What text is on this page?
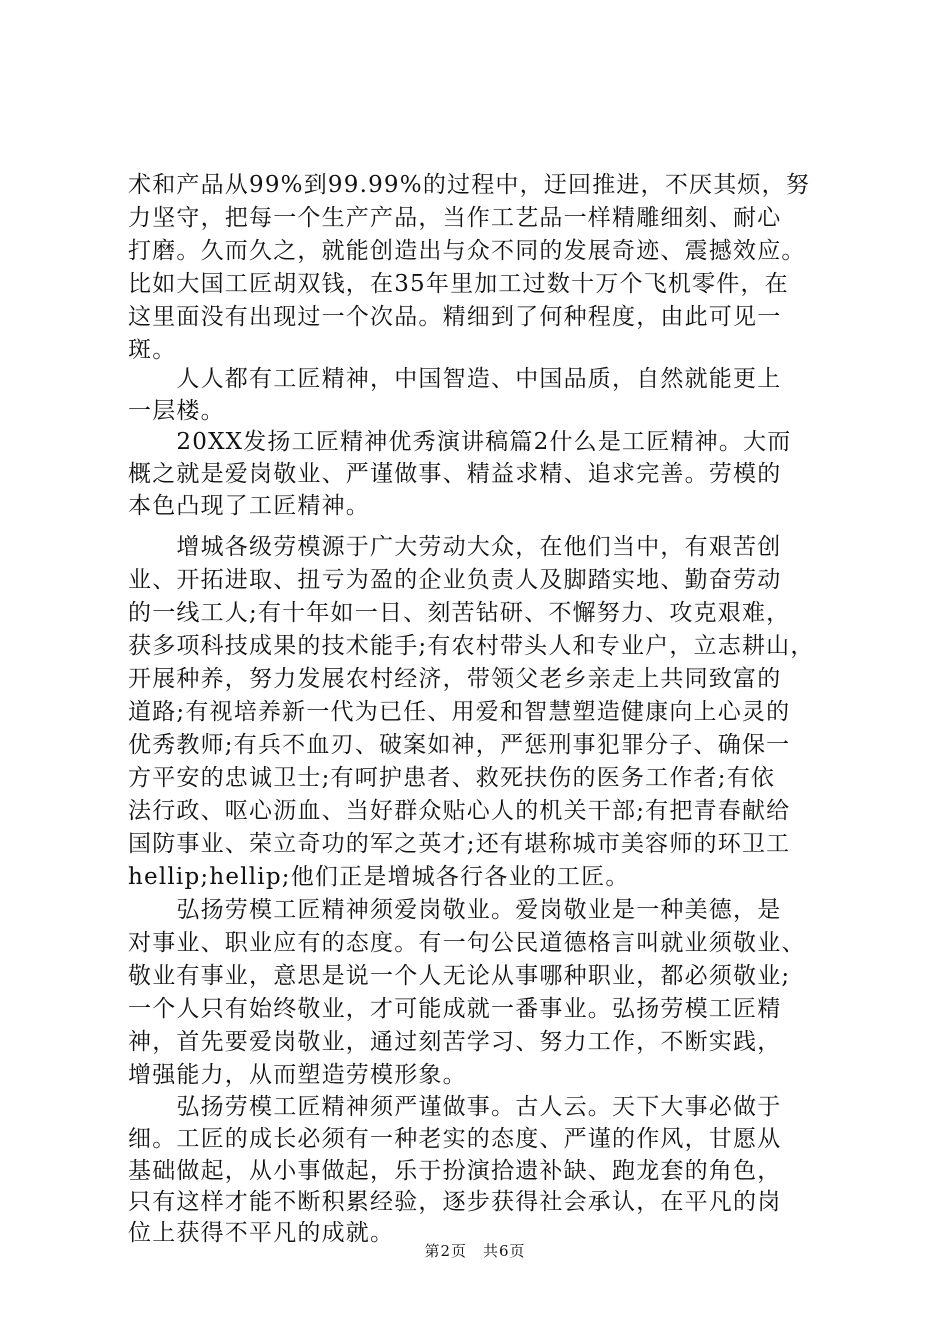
术和产品从99%到99.99%的过程中，迂回推进，不厌其烦，努
力坚守，把每一个生产产品，当作工艺品一样精雕细刻、耐心
打磨。久而久之，就能创造出与众不同的发展奇迹、震撼效应。
比如大国工匠胡双钱，在35年里加工过数十万个飞机零件，在
这里面没有出现过一个次品。精细到了何种程度，由此可见一
斑。
　　人人都有工匠精神，中国智造、中国品质，自然就能更上
一层楼。
　　20XX发扬工匠精神优秀演讲稿篇2什么是工匠精神。大而
概之就是爱岗敬业、严谨做事、精益求精、追求完善。劳模的
本色凸现了工匠精神。
　　增城各级劳模源于广大劳动大众，在他们当中，有艰苦创
业、开拓进取、扭亏为盈的企业负责人及脚踏实地、勤奋劳动
的一线工人;有十年如一日、刻苦钻研、不懈努力、攻克艰难，
获多项科技成果的技术能手;有农村带头人和专业户，立志耕山，
开展种养，努力发展农村经济，带领父老乡亲走上共同致富的
道路;有视培养新一代为已任、用爱和智慧塑造健康向上心灵的
优秀教师;有兵不血刃、破案如神，严惩刑事犯罪分子、确保一
方平安的忠诚卫士;有呵护患者、救死扶伤的医务工作者;有依
法行政、呕心沥血、当好群众贴心人的机关干部;有把青春献给
国防事业、荣立奇功的军之英才;还有堪称城市美容师的环卫工
hellip;hellip;他们正是增城各行各业的工匠。
　　弘扬劳模工匠精神须爱岗敬业。爱岗敬业是一种美德，是
对事业、职业应有的态度。有一句公民道德格言叫就业须敬业、
敬业有事业，意思是说一个人无论从事哪种职业，都必须敬业;
一个人只有始终敬业，才可能成就一番事业。弘扬劳模工匠精
神，首先要爱岗敬业，通过刻苦学习、努力工作，不断实践，
增强能力，从而塑造劳模形象。
　　弘扬劳模工匠精神须严谨做事。古人云。天下大事必做于
细。工匠的成长必须有一种老实的态度、严谨的作风，甘愿从
基础做起，从小事做起，乐于扮演拾遗补缺、跑龙套的角色，
只有这样才能不断积累经验，逐步获得社会承认，在平凡的岗
位上获得不平凡的成就。
第2页　共6页
